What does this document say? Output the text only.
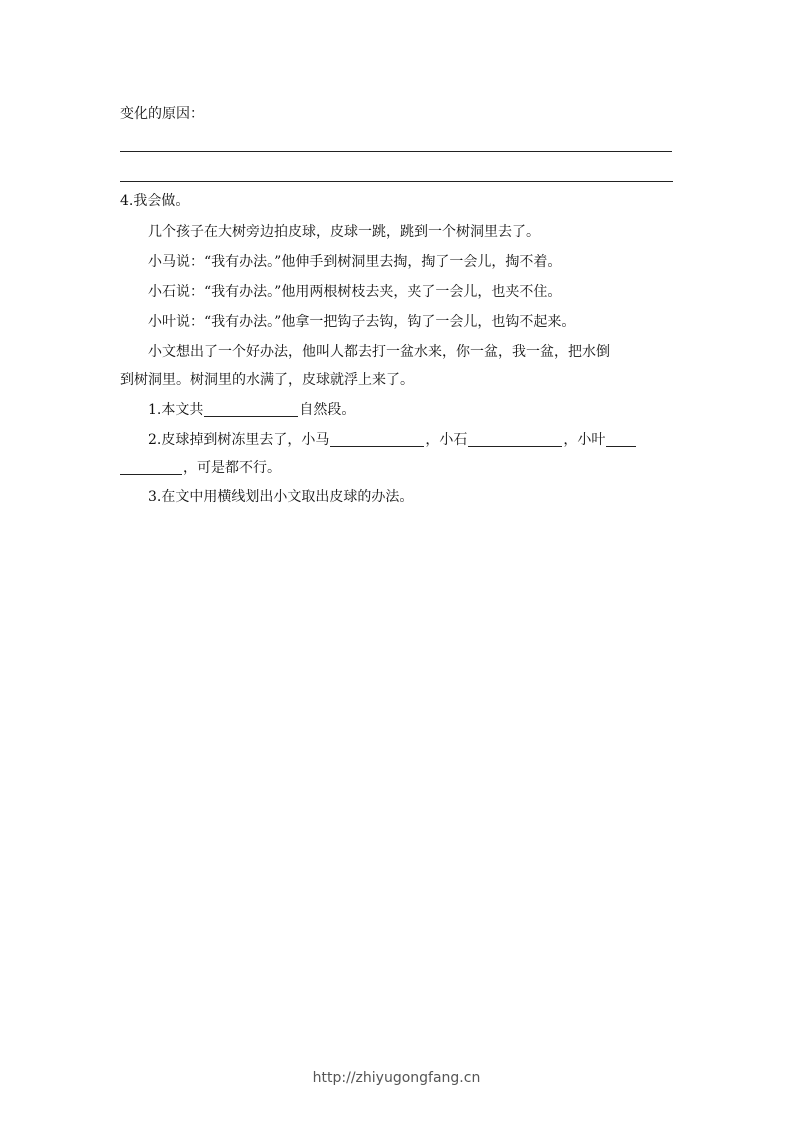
变化的原因：
4.我会做。
几个孩子在大树旁边拍皮球，皮球一跳，跳到一个树洞里去了。
小马说：“我有办法。”他伸手到树洞里去掏，掏了一会儿，掏不着。
小石说：“我有办法。”他用两根树枝去夹，夹了一会儿，也夹不住。
小叶说：“我有办法。”他拿一把钩子去钩，钩了一会儿，也钩不起来。
小文想出了一个好办法，他叫人都去打一盆水来，你一盆，我一盆，把水倒
到树洞里。树洞里的水满了，皮球就浮上来了。
1.本文共	自然段。
2.皮球掉到树冻里去了，小马	，小石	，小叶
，可是都不行。
3.在文中用横线划出小文取出皮球的办法。
http://zhiyugongfang.cn
